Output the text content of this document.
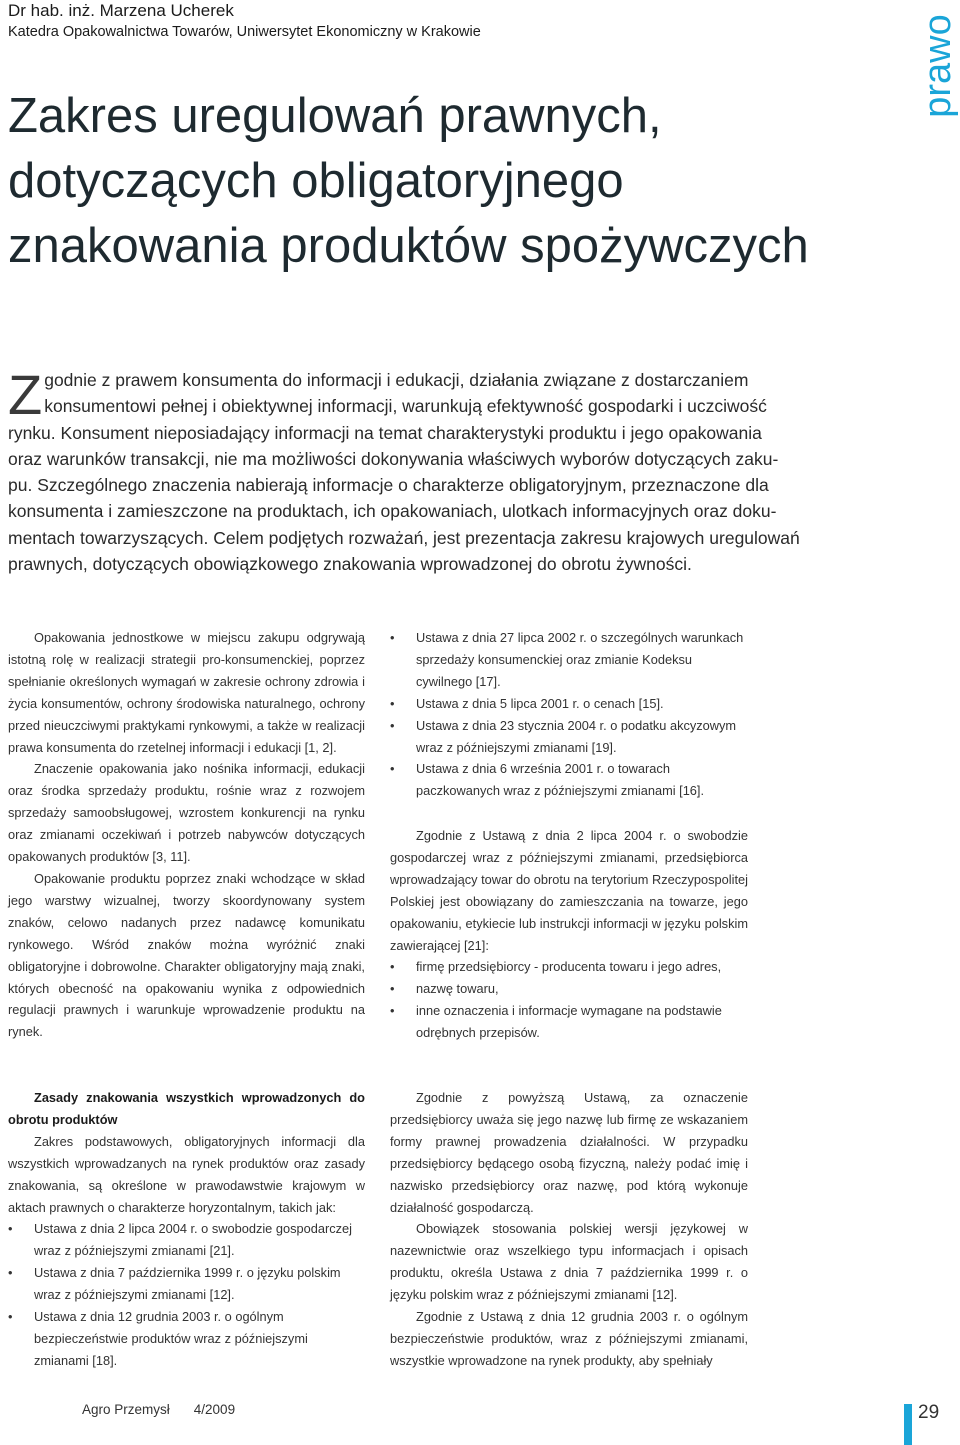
Dr hab. inż. Marzena Ucherek
Katedra Opakowalnictwa Towarów, Uniwersytet Ekonomiczny w Krakowie	prawo
Zakres uregulowań prawnych,
dotyczących obligatoryjnego
znakowania produktów spożywczych
Z godnie z prawem konsumenta do informacji i edukacji, działania związane z dostarczaniem
konsumentowi pełnej i obiektywnej informacji, warunkują efektywność gospodarki i uczciwość
rynku. Konsument nieposiadający informacji na temat charakterystyki produktu i jego opakowania
oraz warunków transakcji, nie ma możliwości dokonywania właściwych wyborów dotyczących zaku-
pu. Szczególnego znaczenia nabierają informacje o charakterze obligatoryjnym, przeznaczone dla
konsumenta i zamieszczone na produktach, ich opakowaniach, ulotkach informacyjnych oraz doku-
mentach towarzyszących. Celem podjętych rozważań, jest prezentacja zakresu krajowych uregulowań
prawnych, dotyczących obowiązkowego znakowania wprowadzonej do obrotu żywności.

Opakowania jednostkowe w miejscu zakupu odgrywają istotną rolę w realizacji strategii pro-konsumenckiej, poprzez spełnianie określonych wymagań w zakresie ochrony zdrowia i życia konsumentów, ochrony środowiska naturalnego, ochrony przed nieuczciwymi praktykami rynkowymi, a także w realizacji prawa konsumenta do rzetelnej informacji i edukacji [1, 2].

Znaczenie opakowania jako nośnika informacji, edukacji oraz środka sprzedaży produktu, rośnie wraz z rozwojem sprzedaży samoobsługowej, wzrostem konkurencji na rynku oraz zmianami oczekiwań i potrzeb nabywców dotyczących opakowanych produktów [3, 11].

Opakowanie produktu poprzez znaki wchodzące w skład jego warstwy wizualnej, tworzy skoordynowany system znaków, celowo nadanych przez nadawcę komunikatu rynkowego. Wśród znaków można wyróżnić znaki obligatoryjne i dobrowolne. Charakter obligatoryjny mają znaki, których obecność na opakowaniu wynika z odpowiednich regulacji prawnych i warunkuje wprowadzenie produktu na rynek.

Zasady znakowania wszystkich wprowadzonych do obrotu produktów

Zakres podstawowych, obligatoryjnych informacji dla wszystkich wprowadzanych na rynek produktów oraz zasady znakowania, są określone w prawodawstwie krajowym w aktach prawnych o charakterze horyzontalnym, takich jak:

• Ustawa z dnia 2 lipca 2004 r. o swobodzie gospodarczej wraz z późniejszymi zmianami [21].
• Ustawa z dnia 7 października 1999 r. o języku polskim wraz z późniejszymi zmianami [12].
• Ustawa z dnia 12 grudnia 2003 r. o ogólnym bezpieczeństwie produktów wraz z późniejszymi zmianami [18].
• Ustawa z dnia 27 lipca 2002 r. o szczególnych warunkach sprzedaży konsumenckiej oraz zmianie Kodeksu cywilnego [17].
• Ustawa z dnia 5 lipca 2001 r. o cenach [15].
• Ustawa z dnia 23 stycznia 2004 r. o podatku akcyzowym wraz z późniejszymi zmianami [19].
• Ustawa z dnia 6 września 2001 r. o towarach paczkowanych wraz z późniejszymi zmianami [16].

Zgodnie z Ustawą z dnia 2 lipca 2004 r. o swobodzie gospodarczej wraz z późniejszymi zmianami, przedsiębiorca wprowadzający towar do obrotu na terytorium Rzeczypospolitej Polskiej jest obowiązany do zamieszczania na towarze, jego opakowaniu, etykiecie lub instrukcji informacji w języku polskim zawierającej [21]:

• firmę przedsiębiorcy - producenta towaru i jego adres,
• nazwę towaru,
• inne oznaczenia i informacje wymagane na podstawie odrębnych przepisów.

Zgodnie z powyższą Ustawą, za oznaczenie przedsiębiorcy uważa się jego nazwę lub firmę ze wskazaniem formy prawnej prowadzenia działalności. W przypadku przedsiębiorcy będącego osobą fizyczną, należy podać imię i nazwisko przedsiębiorcy oraz nazwę, pod którą wykonuje działalność gospodarczą.

Obowiązek stosowania polskiej wersji językowej w nazewnictwie oraz wszelkiego typu informacjach i opisach produktu, określa Ustawa z dnia 7 października 1999 r. o języku polskim wraz z późniejszymi zmianami [12].

Zgodnie z Ustawą z dnia 12 grudnia 2003 r. o ogólnym bezpieczeństwie produktów, wraz z późniejszymi zmianami, wszystkie wprowadzone na rynek produkty, aby spełniały

Agro Przemysł 4/2009	29
